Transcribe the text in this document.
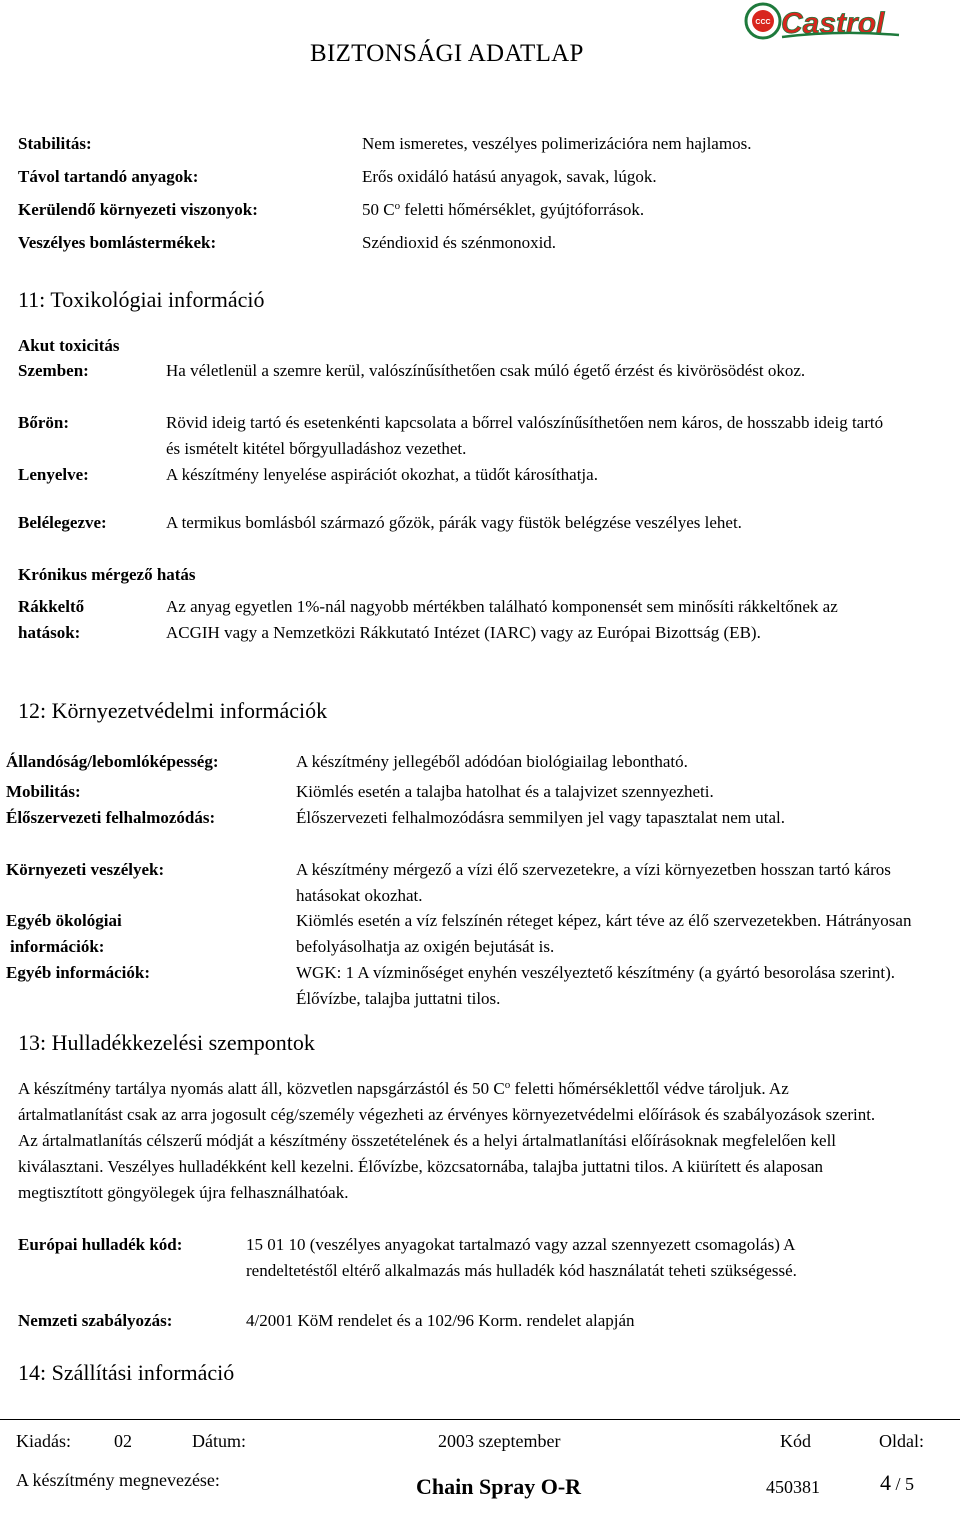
BIZTONSÁGI ADATLAP
CCC Castrol
Stabilitás:	Nem ismeretes, veszélyes polimerizációra nem hajlamos.
Távol tartandó anyagok:	Erős oxidáló hatású anyagok, savak, lúgok.
Kerülendő környezeti viszonyok:	50 $C^o$ feletti hőmérséklet, gyújtóforrások.
Veszélyes bomlástermékek:	Széndioxid és szénmonoxid.
11: Toxikológiai információ
Akut toxicitás
Szemben:	Ha véletlenül a szemre kerül, valószínűsíthetően csak múló égető érzést és kivörösödést okoz.
Bőrön:	Rövid ideig tartó és esetenkénti kapcsolata a bőrrel valószínűsíthetően nem káros, de hosszabb ideig tartó és ismételt kitétel bőrgyulladáshoz vezethet.
Lenyelve:	A készítmény lenyelése aspirációt okozhat, a tüdőt károsíthatja.
Belélegezve:	A termikus bomlásból származó gőzök, párák vagy füstök belégzése veszélyes lehet.
Krónikus mérgező hatás
Rákkeltő
hatások:
Az anyag egyetlen 1%-nál nagyobb mértékben található komponensét sem minősíti rákkeltőnek az ACGIH vagy a Nemzetközi Rákkutató Intézet (IARC) vagy az Európai Bizottság (EB).
12: Környezetvédelmi információk
Állandóság/lebomlóképesség:	A készítmény jellegéből adódóan biológiailag lebontható.
Mobilitás:	Kiömlés esetén a talajba hatolhat és a talajvizet szennyezheti.
Élőszervezeti felhalmozódás:	Élőszervezeti felhalmozódásra semmilyen jel vagy tapasztalat nem utal.
Környezeti veszélyek:	A készítmény mérgező a vízi élő szervezetekre, a vízi környezetben hosszan tartó káros hatásokat okozhat.
Egyéb ökológiai
információk:
Kiömlés esetén a víz felszínén réteget képez, kárt téve az élő szervezetekben. Hátrányosan befolyásolhatja az oxigén bejutását is.
Egyéb információk:	WGK: 1 A vízminőséget enyhén veszélyeztető készítmény (a gyártó besorolása szerint). Élővízbe, talajba juttatni tilos.
13: Hulladékkezelési szempontok
A készítmény tartálya nyomás alatt áll, közvetlen napsgárzástól és 50 $C^o$ feletti hőmérséklettől védve tároljuk. Az ártalmatlanítást csak az arra jogosult cég/személy végezheti az érvényes környezetvédelmi előírások és szabályozások szerint. Az ártalmatlanítás célszerű módját a készítmény összetételének és a helyi ártalmatlanítási előírásoknak megfelelően kell kiválasztani. Veszélyes hulladékként kell kezelni. Élővízbe, közcsatornába, talajba juttatni tilos. A kiürített és alaposan megtisztított göngyölegek újra felhasználhatóak.
Európai hulladék kód:	15 01 10 (veszélyes anyagokat tartalmazó vagy azzal szennyezett csomagolás) A rendeltetéstől eltérő alkalmazás más hulladék kód használatát teheti szükségessé.
Nemzeti szabályozás:	4/2001 KöM rendelet és a 102/96 Korm. rendelet alapján
14: Szállítási információ
Kiadás: 02	Dátum:	2003 szeptember	Kód	Oldal:
A készítmény megnevezése:	Chain Spray O-R	450381	4 / 5
